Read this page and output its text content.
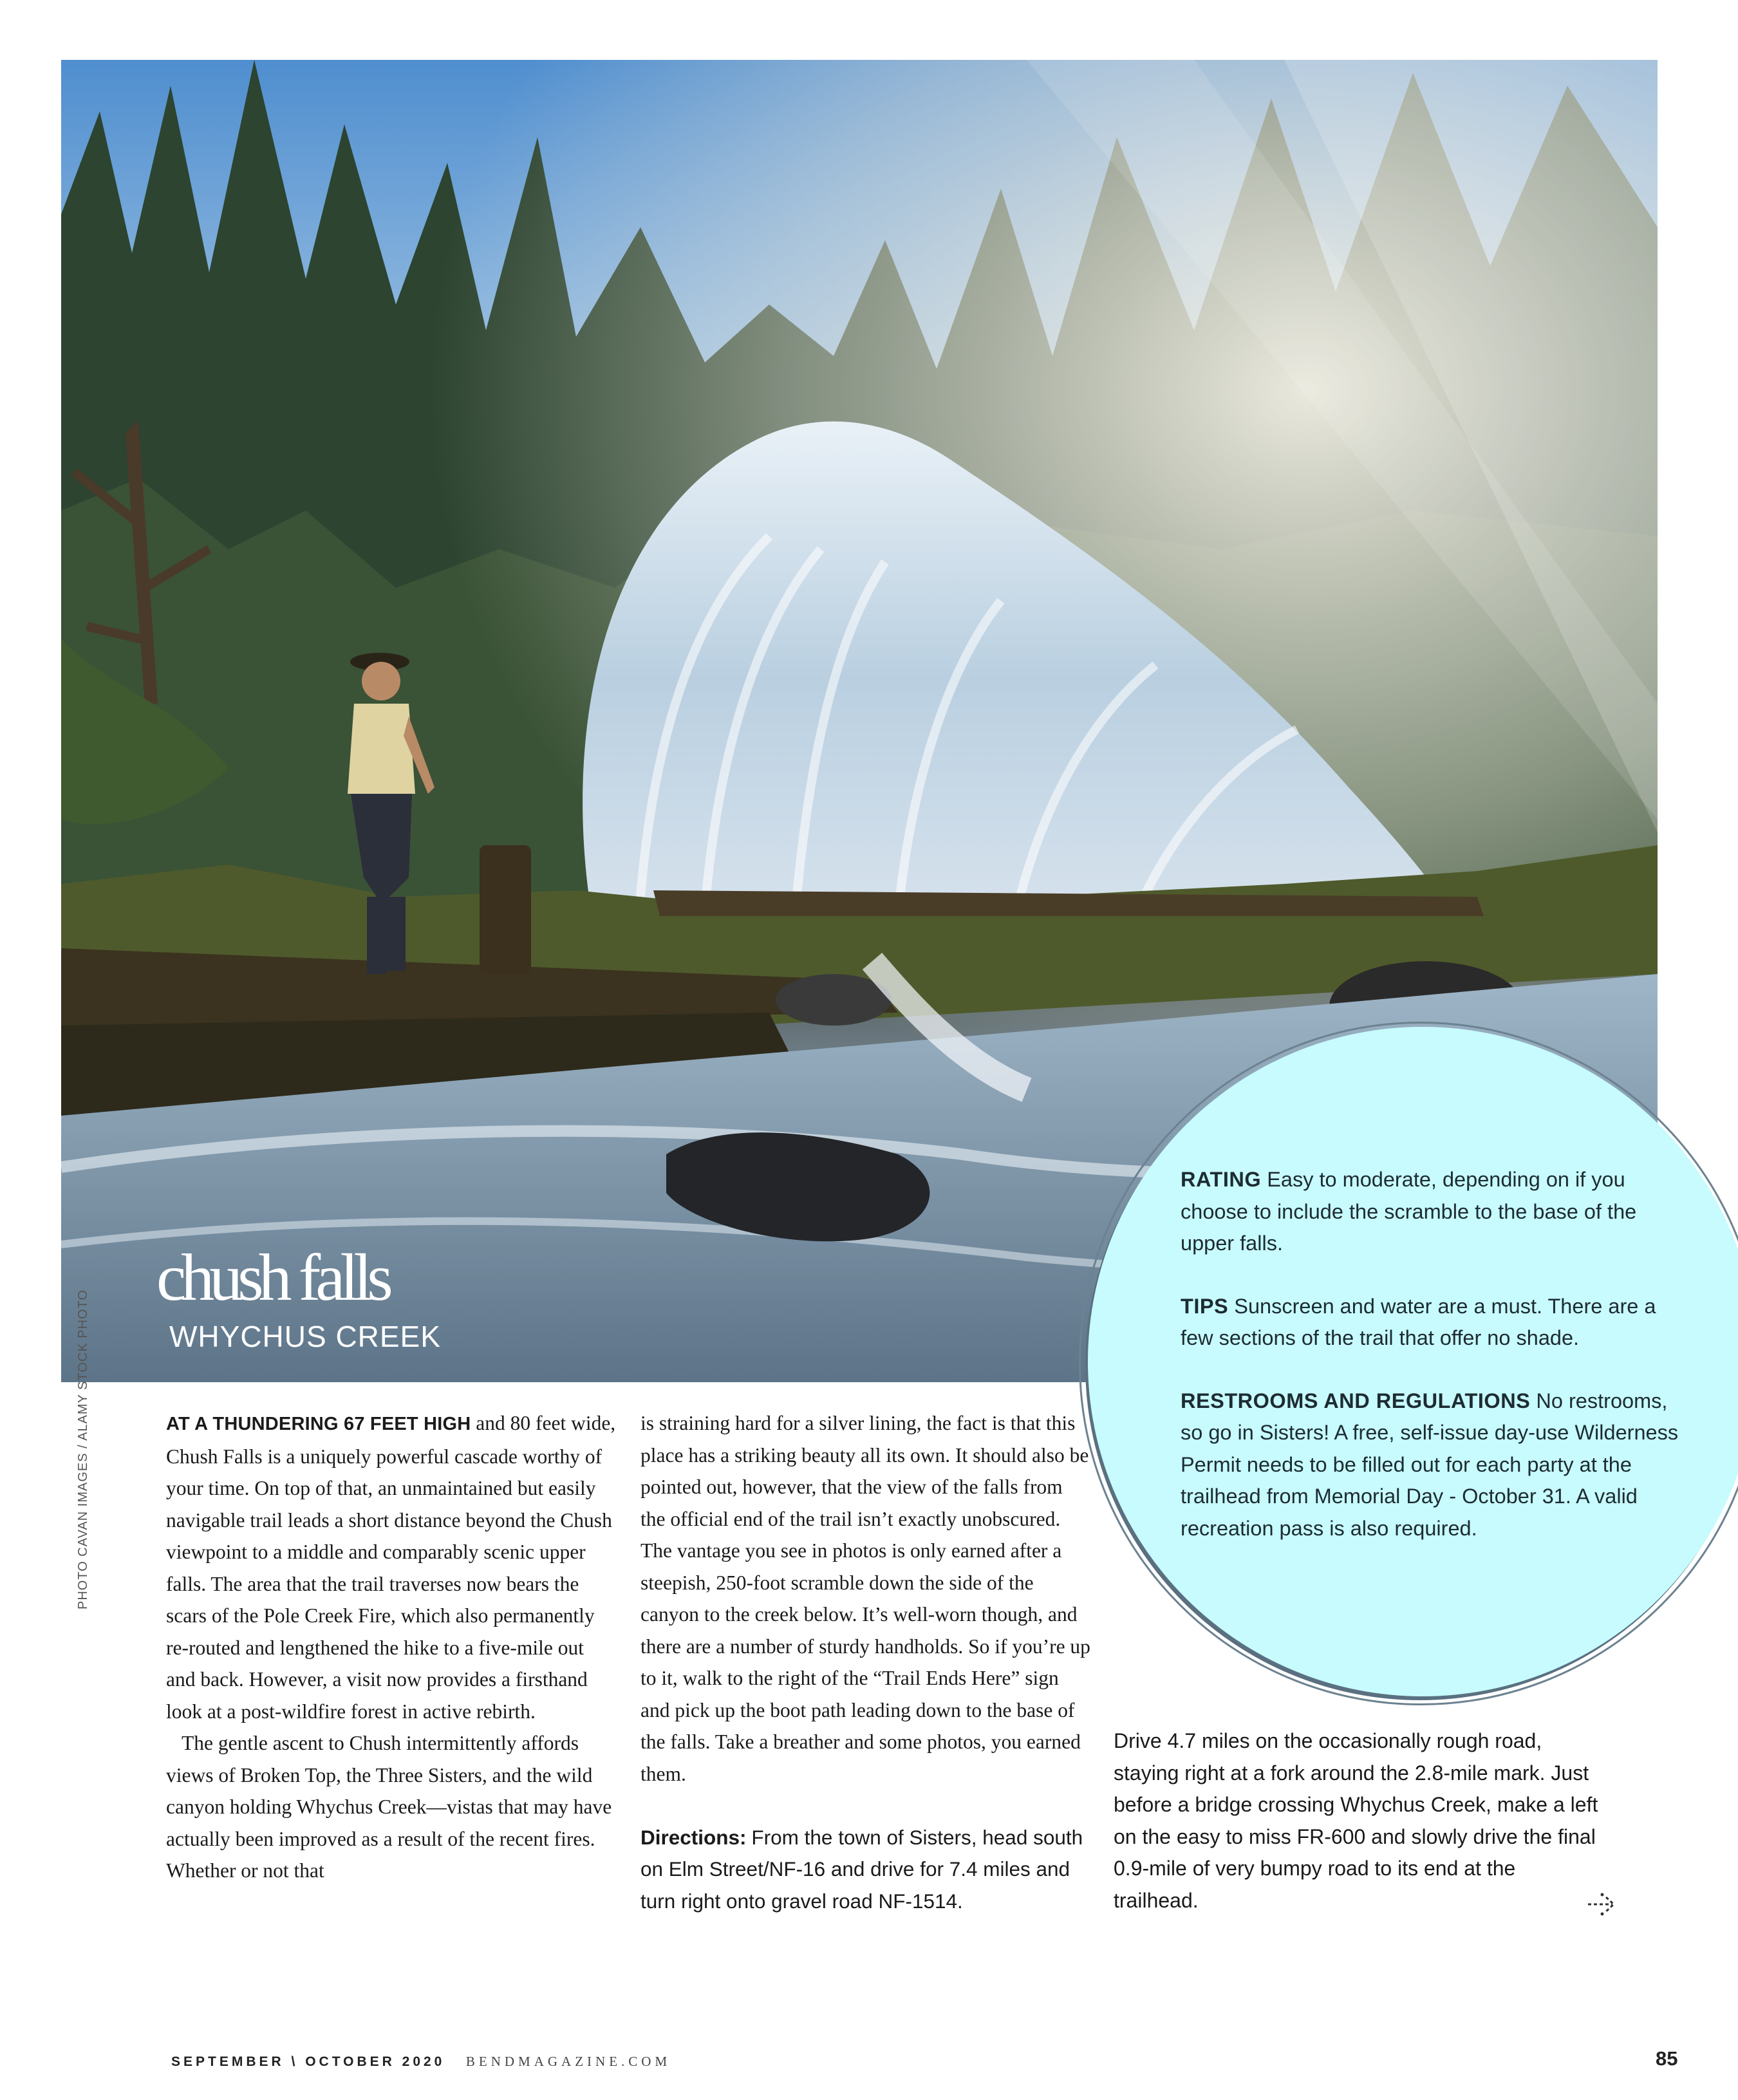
chush falls
WHYCHUS CREEK

RATING Easy to moderate, depending on if you choose to include the scramble to the base of the upper falls.

TIPS Sunscreen and water are a must. There are a few sections of the trail that offer no shade.

RESTROOMS AND REGULATIONS No restrooms, so go in Sisters! A free, self-issue day-use Wilderness Permit needs to be filled out for each party at the trailhead from Memorial Day - October 31. A valid recreation pass is also required.

AT A THUNDERING 67 FEET HIGH and 80 feet wide, Chush Falls is a uniquely powerful cascade worthy of your time. On top of that, an unmaintained but easily navigable trail leads a short distance beyond the Chush viewpoint to a middle and comparably scenic upper falls. The area that the trail traverses now bears the scars of the Pole Creek Fire, which also permanently re-routed and lengthened the hike to a five-mile out and back. However, a visit now provides a firsthand look at a post-wildfire forest in active rebirth.

The gentle ascent to Chush intermittently affords views of Broken Top, the Three Sisters, and the wild canyon holding Whychus Creek—vistas that may have actually been improved as a result of the recent fires. Whether or not that

is straining hard for a silver lining, the fact is that this place has a striking beauty all its own. It should also be pointed out, however, that the view of the falls from the official end of the trail isn’t exactly unobscured. The vantage you see in photos is only earned after a steepish, 250-foot scramble down the side of the canyon to the creek below. It’s well-worn though, and there are a number of sturdy handholds. So if you’re up to it, walk to the right of the “Trail Ends Here” sign and pick up the boot path leading down to the base of the falls. Take a breather and some photos, you earned them.

Directions: From the town of Sisters, head south on Elm Street/NF-16 and drive for 7.4 miles and turn right onto gravel road NF-1514.

Drive 4.7 miles on the occasionally rough road, staying right at a fork around the 2.8-mile mark. Just before a bridge crossing Whychus Creek, make a left on the easy to miss FR-600 and slowly drive the final 0.9-mile of very bumpy road to its end at the trailhead.

PHOTO CAVAN IMAGES / ALAMY STOCK PHOTO
SEPTEMBER \ OCTOBER 2020 BENDMAGAZINE.COM	85
